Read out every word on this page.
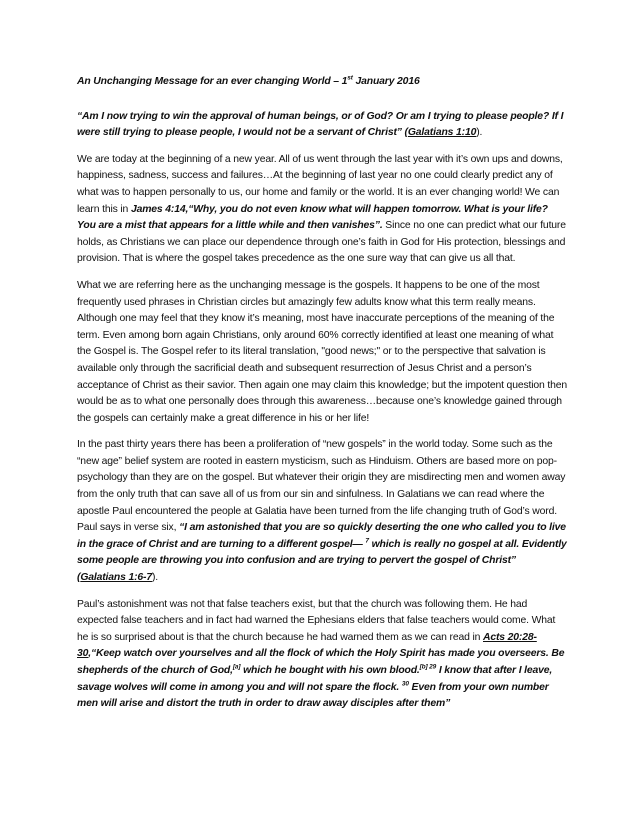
An Unchanging Message for an ever changing World – 1st January 2016

“Am I now trying to win the approval of human beings, or of God? Or am I trying to please people? If I were still trying to please people, I would not be a servant of Christ” (Galatians 1:10).

We are today at the beginning of a new year. All of us went through the last year with it’s own ups and downs, happiness, sadness, success and failures…At the beginning of last year no one could clearly predict any of what was to happen personally to us, our home and family or the world. It is an ever changing world! We can learn this in James 4:14,“Why, you do not even know what will happen tomorrow. What is your life? You are a mist that appears for a little while and then vanishes”. Since no one can predict what our future holds, as Christians we can place our dependence through one’s faith in God for His protection, blessings and provision. That is where the gospel takes precedence as the one sure way that can give us all that.

What we are referring here as the unchanging message is the gospels. It happens to be one of the most frequently used phrases in Christian circles but amazingly few adults know what this term really means. Although one may feel that they know it’s meaning, most have inaccurate perceptions of the meaning of the term. Even among born again Christians, only around 60% correctly identified at least one meaning of what the Gospel is. The Gospel refer to its literal translation, "good news;" or to the perspective that salvation is available only through the sacrificial death and subsequent resurrection of Jesus Christ and a person’s acceptance of Christ as their savior. Then again one may claim this knowledge; but the impotent question then would be as to what one personally does through this awareness…because one’s knowledge gained through the gospels can certainly make a great difference in his or her life!

In the past thirty years there has been a proliferation of “new gospels” in the world today. Some such as the “new age” belief system are rooted in eastern mysticism, such as Hinduism. Others are based more on pop-psychology than they are on the gospel. But whatever their origin they are misdirecting men and women away from the only truth that can save all of us from our sin and sinfulness. In Galatians we can read where the apostle Paul encountered the people at Galatia have been turned from the life changing truth of God’s word. Paul says in verse six, “I am astonished that you are so quickly deserting the one who called you to live in the grace of Christ and are turning to a different gospel— $^7$ which is really no gospel at all. Evidently some people are throwing you into confusion and are trying to pervert the gospel of Christ” (Galatians 1:6-7).

Paul’s astonishment was not that false teachers exist, but that the church was following them. He had expected false teachers and in fact had warned the Ephesians elders that false teachers would come. What he is so surprised about is that the church because he had warned them as we can read in Acts 20:28-30,“Keep watch over yourselves and all the flock of which the Holy Spirit has made you overseers. Be shepherds of the church of God,[a] which he bought with his own blood.$^{[b] 29}$ I know that after I leave, savage wolves will come in among you and will not spare the flock. $^{30}$ Even from your own number men will arise and distort the truth in order to draw away disciples after them”
